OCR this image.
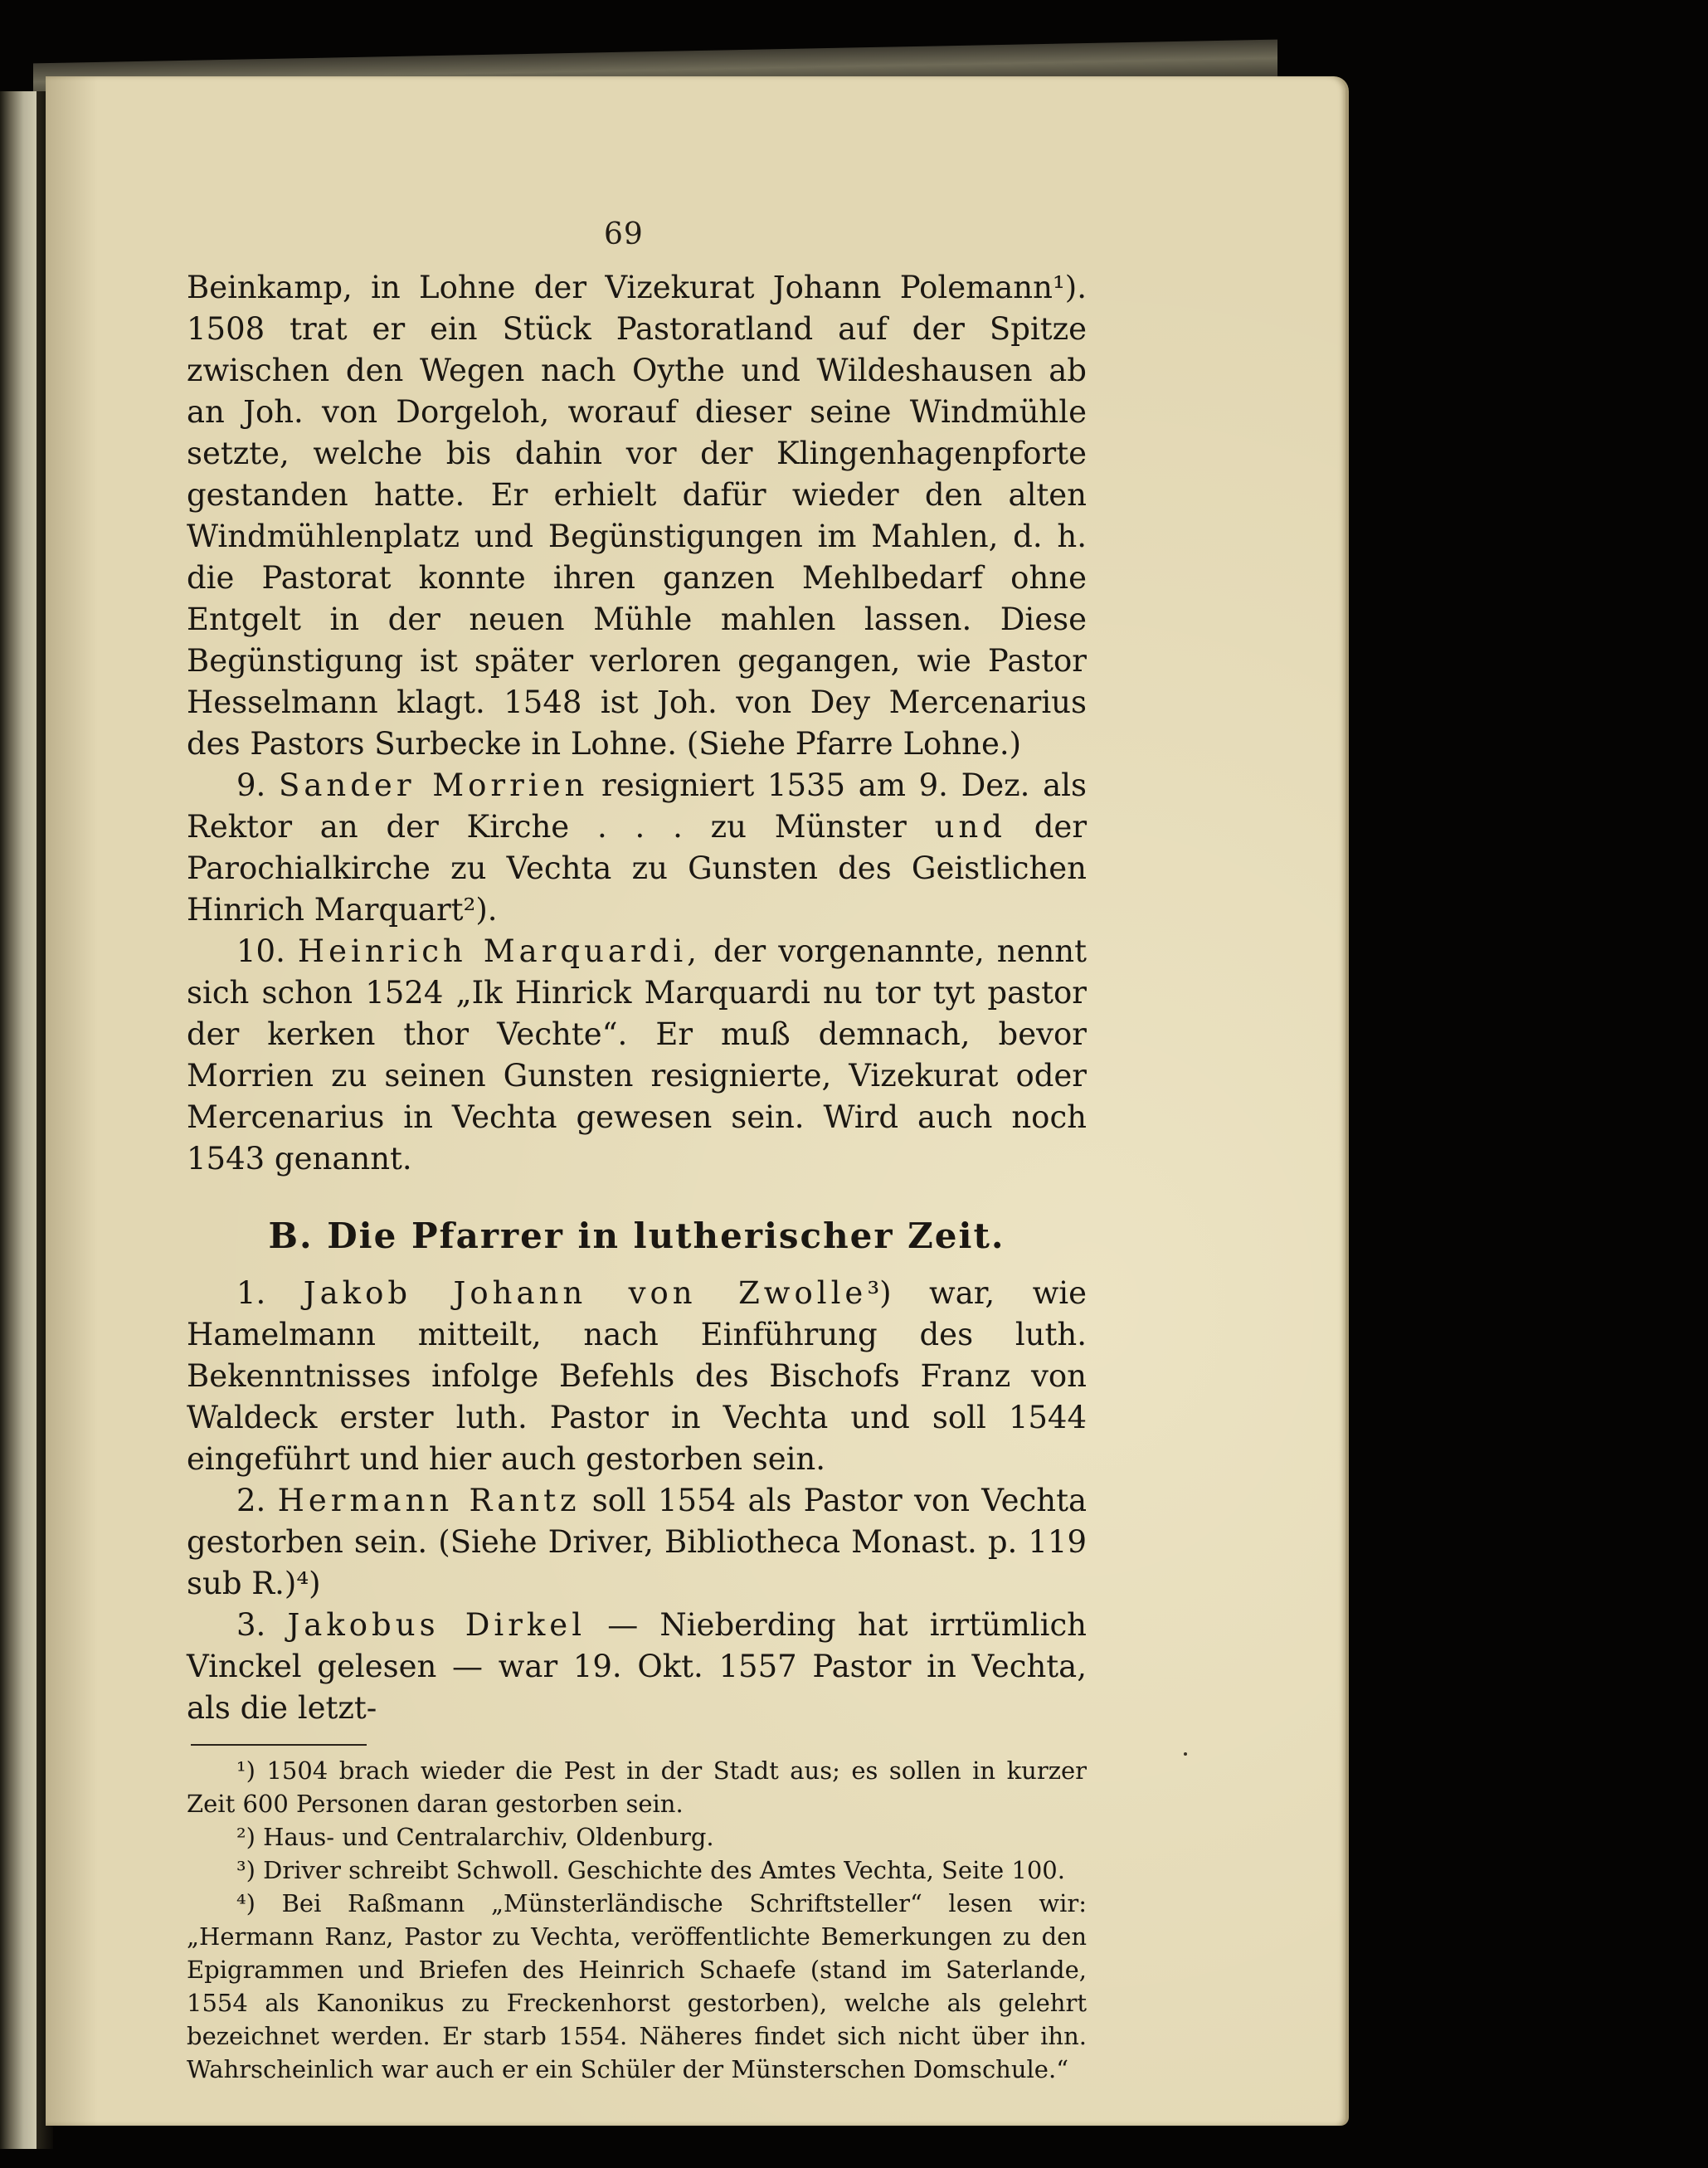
69

Beinkamp, in Lohne der Vizekurat Johann Polemann¹). 1508 trat er ein Stück Pastoratland auf der Spitze zwischen den Wegen nach Oythe und Wildeshausen ab an Joh. von Dorgeloh, worauf dieser seine Windmühle setzte, welche bis dahin vor der Klingenhagenpforte gestanden hatte. Er erhielt dafür wieder den alten Windmühlenplatz und Begünstigungen im Mahlen, d. h. die Pastorat konnte ihren ganzen Mehlbedarf ohne Entgelt in der neuen Mühle mahlen lassen. Diese Begünstigung ist später verloren gegangen, wie Pastor Hesselmann klagt. 1548 ist Joh. von Dey Mercenarius des Pastors Surbecke in Lohne. (Siehe Pfarre Lohne.)

9. Sander Morrien resigniert 1535 am 9. Dez. als Rektor an der Kirche . . . zu Münster und der Parochialkirche zu Vechta zu Gunsten des Geistlichen Hinrich Marquart²).

10. Heinrich Marquardi, der vorgenannte, nennt sich schon 1524 „Ik Hinrick Marquardi nu tor tyt pastor der kerken thor Vechte“. Er muß demnach, bevor Morrien zu seinen Gunsten resignierte, Vizekurat oder Mercenarius in Vechta gewesen sein. Wird auch noch 1543 genannt.

B. Die Pfarrer in lutherischer Zeit.

1. Jakob Johann von Zwolle³) war, wie Hamelmann mitteilt, nach Einführung des luth. Bekenntnisses infolge Befehls des Bischofs Franz von Waldeck erster luth. Pastor in Vechta und soll 1544 eingeführt und hier auch gestorben sein.

2. Hermann Rantz soll 1554 als Pastor von Vechta gestorben sein. (Siehe Driver, Bibliotheca Monast. p. 119 sub R.)⁴)

3. Jakobus Dirkel — Nieberding hat irrtümlich Vinckel gelesen — war 19. Okt. 1557 Pastor in Vechta, als die letzt-

¹) 1504 brach wieder die Pest in der Stadt aus; es sollen in kurzer Zeit 600 Personen daran gestorben sein.

²) Haus- und Centralarchiv, Oldenburg.

³) Driver schreibt Schwoll. Geschichte des Amtes Vechta, Seite 100.

⁴) Bei Raßmann „Münsterländische Schriftsteller“ lesen wir: „Hermann Ranz, Pastor zu Vechta, veröffentlichte Bemerkungen zu den Epigrammen und Briefen des Heinrich Schaefe (stand im Saterlande, 1554 als Kanonikus zu Freckenhorst gestorben), welche als gelehrt bezeichnet werden. Er starb 1554. Näheres findet sich nicht über ihn. Wahrscheinlich war auch er ein Schüler der Münsterschen Domschule.“
